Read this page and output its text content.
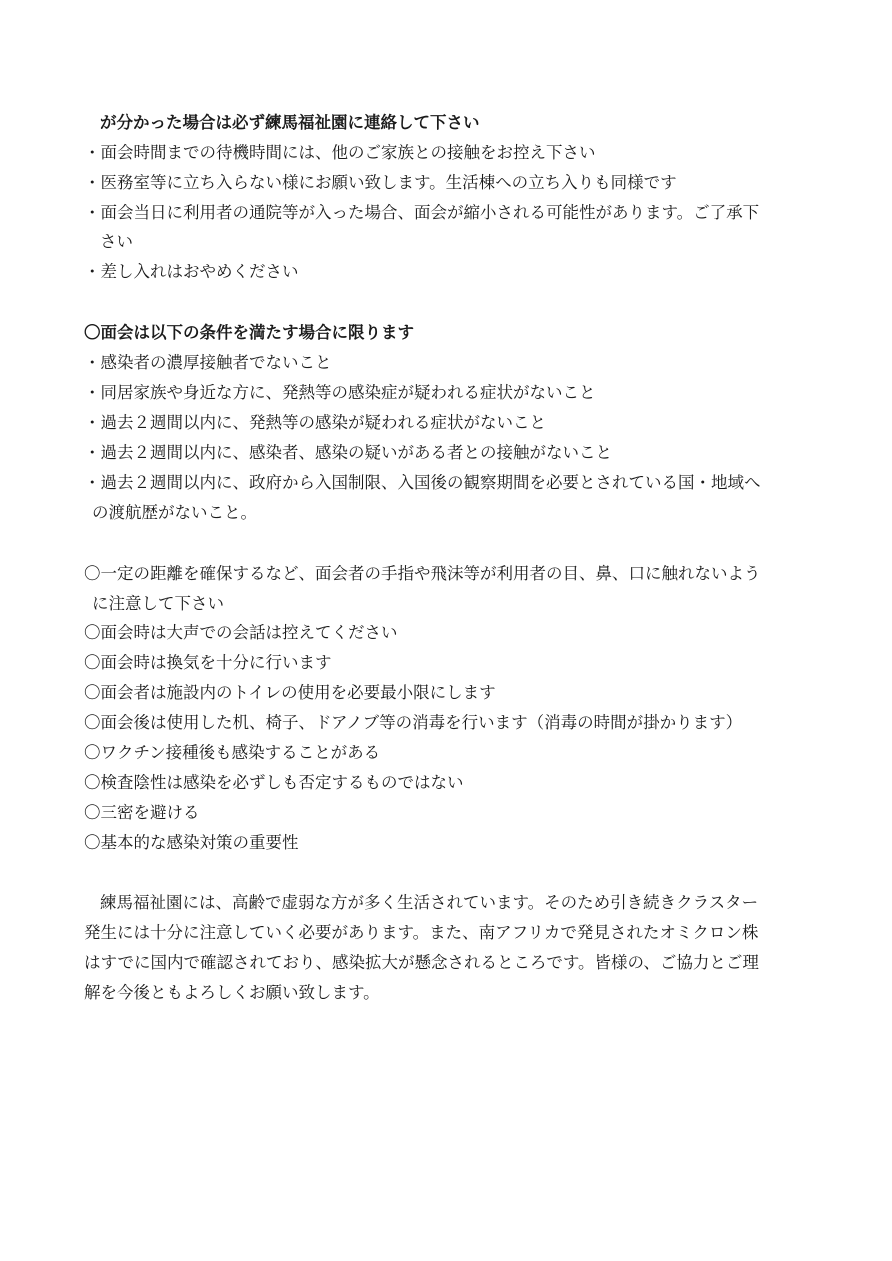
が分かった場合は必ず練馬福祉園に連絡して下さい
・面会時間までの待機時間には、他のご家族との接触をお控え下さい
・医務室等に立ち入らない様にお願い致します。生活棟への立ち入りも同様です
・面会当日に利用者の通院等が入った場合、面会が縮小される可能性があります。ご了承下
さい
・差し入れはおやめください
〇面会は以下の条件を満たす場合に限ります
・感染者の濃厚接触者でないこと
・同居家族や身近な方に、発熱等の感染症が疑われる症状がないこと
・過去２週間以内に、発熱等の感染が疑われる症状がないこと
・過去２週間以内に、感染者、感染の疑いがある者との接触がないこと
・過去２週間以内に、政府から入国制限、入国後の観察期間を必要とされている国・地域へ
の渡航歴がないこと。
〇一定の距離を確保するなど、面会者の手指や飛沫等が利用者の目、鼻、口に触れないよう
に注意して下さい
〇面会時は大声での会話は控えてください
〇面会時は換気を十分に行います
〇面会者は施設内のトイレの使用を必要最小限にします
〇面会後は使用した机、椅子、ドアノブ等の消毒を行います（消毒の時間が掛かります）
〇ワクチン接種後も感染することがある
〇検査陰性は感染を必ずしも否定するものではない
〇三密を避ける
〇基本的な感染対策の重要性
練馬福祉園には、高齢で虚弱な方が多く生活されています。そのため引き続きクラスター
発生には十分に注意していく必要があります。また、南アフリカで発見されたオミクロン株
はすでに国内で確認されており、感染拡大が懸念されるところです。皆様の、ご協力とご理
解を今後ともよろしくお願い致します。
